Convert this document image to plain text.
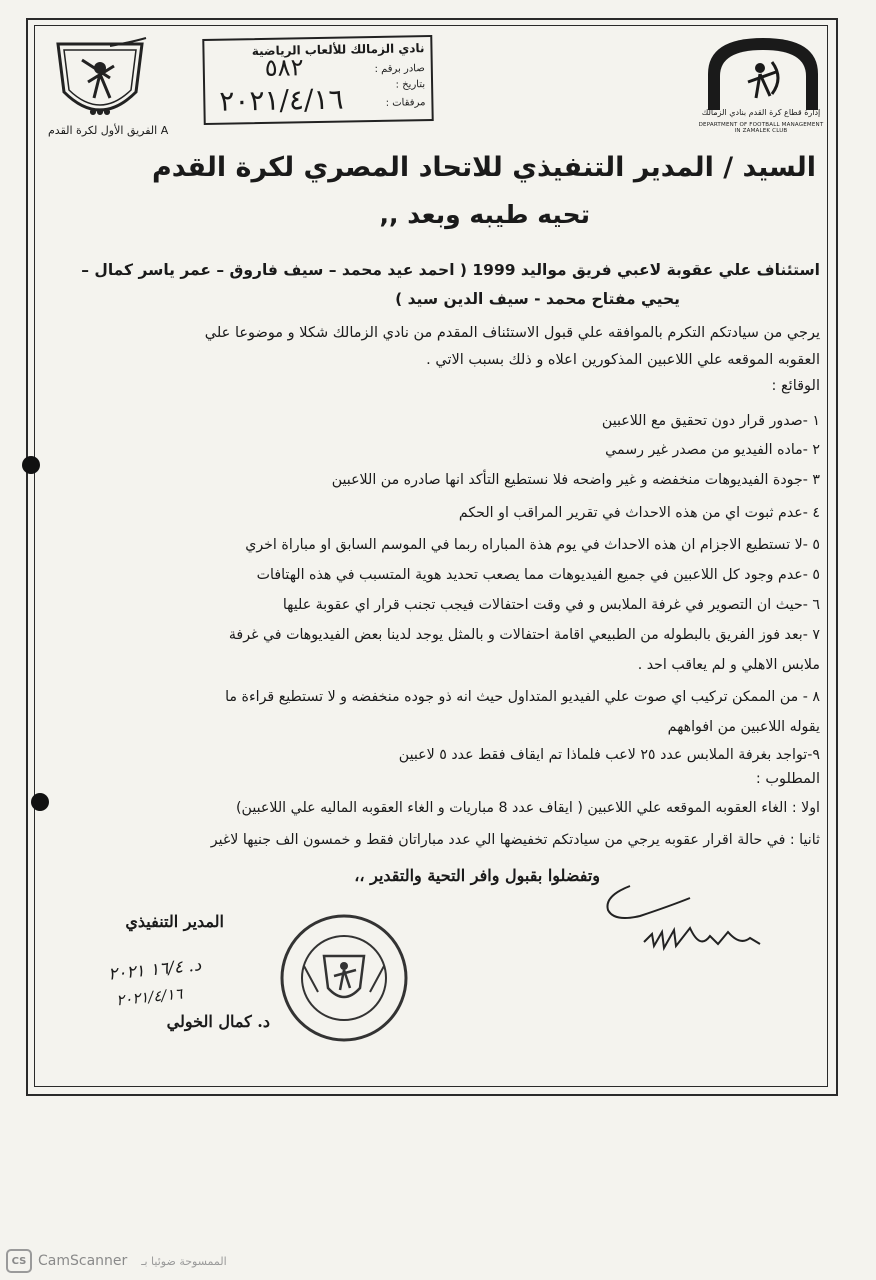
●●●
A الفريق الأول لكرة القدم
إدارة قطاع كرة القدم بنادي الزمالك
DEPARTMENT OF FOOTBALL MANAGEMENT IN ZAMALEK CLUB
نادي الزمالك للألعاب الرياضية
صادر برقم :
بتاريخ :
مرفقات :
٥٨٢
٢٠٢١/٤/١٦
السيد / المدير التنفيذي للاتحاد المصري لكرة القدم
تحيه طيبه وبعد ,,
استئناف علي عقوبة لاعبي فريق مواليد 1999 ( احمد عيد محمد – سيف فاروق – عمر ياسر كمال –
يحيي مفتاح محمد - سيف الدين سيد )
يرجي من سيادتكم التكرم بالموافقه علي قبول الاستئناف المقدم من نادي الزمالك شكلا و موضوعا علي
العقوبه الموقعه علي اللاعبين المذكورين اعلاه و ذلك بسبب الاتي .
الوقائع :
١ -صدور قرار دون تحقيق مع اللاعبين
٢ -ماده الفيديو من مصدر غير رسمي
٣ -جودة الفيديوهات منخفضه و غير واضحه فلا نستطيع التأكد انها صادره من اللاعبين
٤ -عدم ثبوت اي من هذه الاحداث في تقرير المراقب او الحكم
٥ -لا تستطيع الاجزام ان هذه الاحداث في يوم هذة المباراه ربما في الموسم السابق او مباراة اخري
٥ -عدم وجود كل اللاعبين في جميع الفيديوهات مما يصعب تحديد هوية المتسبب في هذه الهتافات
٦ -حيث ان التصوير في غرفة الملابس و في وقت احتفالات فيجب تجنب قرار اي عقوبة عليها
٧ -بعد فوز الفريق بالبطوله من الطبيعي اقامة احتفالات و بالمثل يوجد لدينا بعض الفيديوهات في غرفة
ملابس الاهلي و لم يعاقب احد .
٨ - من الممكن تركيب اي صوت علي الفيديو المتداول حيث انه ذو جوده منخفضه و لا تستطيع قراءة ما
يقوله اللاعبين من افواههم
٩-تواجد بغرفة الملابس عدد ٢٥ لاعب فلماذا تم ايقاف فقط عدد ٥ لاعبين
المطلوب :
اولا : الغاء العقوبه الموقعه علي اللاعبين ( ايقاف عدد 8 مباريات و الغاء العقوبه الماليه علي اللاعبين)
ثانيا : في حالة اقرار عقوبه يرجي من سيادتكم تخفيضها الي عدد مباراتان فقط و خمسون الف جنيها لاغير
وتفضلوا بقبول وافر التحية والتقدير ،،
المدير التنفيذي
د. ١٦/٤ ٢٠٢١
٢٠٢١/٤/١٦
د. كمال الخولي
CS CamScanner الممسوحة ضوئيا بـ
